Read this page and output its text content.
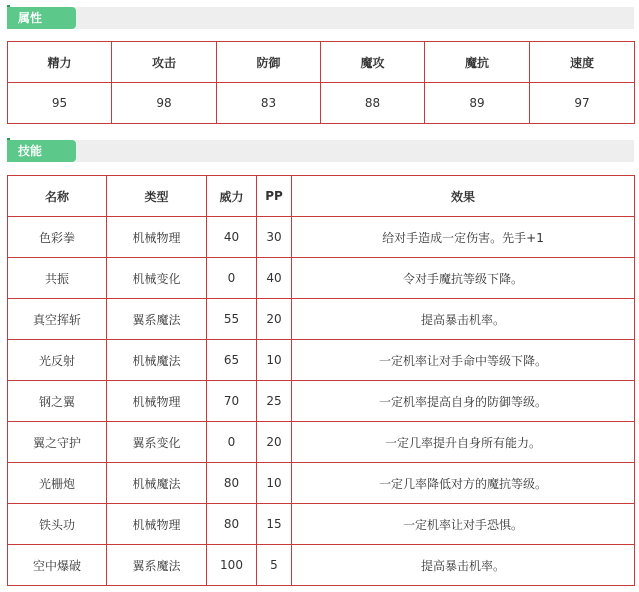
属性
精力	攻击	防御	魔攻	魔抗	速度
95	98	83	88	89	97
技能
名称	类型	威力	PP	效果
色彩拳	机械物理	40	30	给对手造成一定伤害。先手+1
共振	机械变化	0	40	令对手魔抗等级下降。
真空挥斩	翼系魔法	55	20	提高暴击机率。
光反射	机械魔法	65	10	一定机率让对手命中等级下降。
钢之翼	机械物理	70	25	一定机率提高自身的防御等级。
翼之守护	翼系变化	0	20	一定几率提升自身所有能力。
光栅炮	机械魔法	80	10	一定几率降低对方的魔抗等级。
铁头功	机械物理	80	15	一定机率让对手恐惧。
空中爆破	翼系魔法	100	5	提高暴击机率。
